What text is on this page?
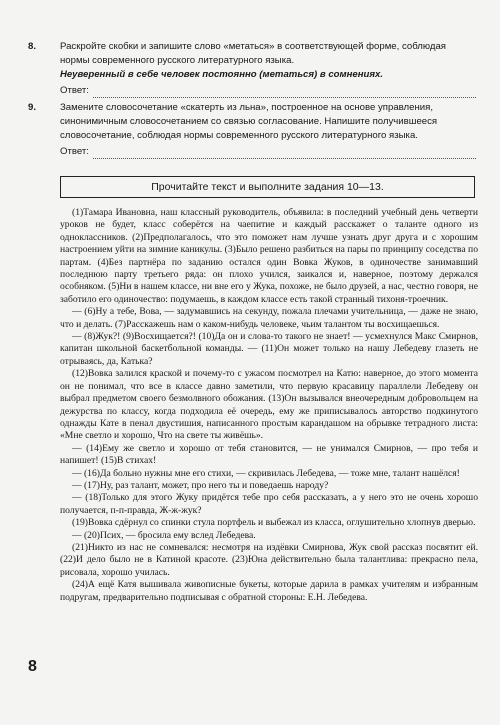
8. Раскройте скобки и запишите слово «метаться» в соответствующей форме, соблюдая нормы современного русского литературного языка.
Неуверенный в себе человек постоянно (метаться) в сомнениях.
Ответ:
9. Замените словосочетание «скатерть из льна», построенное на основе управления, синонимичным словосочетанием со связью согласование. Напишите получившееся словосочетание, соблюдая нормы современного русского литературного языка.
Ответ:
Прочитайте текст и выполните задания 10—13.

(1)Тамара Ивановна, наш классный руководитель, объявила: в последний учебный день четверти уроков не будет, класс соберётся на чаепитие и каждый расскажет о таланте одного из одноклассников. (2)Предполагалось, что это поможет нам лучше узнать друг друга и с хорошим настроением уйти на зимние каникулы. (3)Было решено разбиться на пары по принципу соседства по партам. (4)Без партнёра по заданию остался один Вовка Жуков, в одиночестве занимавший последнюю парту третьего ряда: он плохо учился, заикался и, наверное, поэтому держался особняком. (5)Ни в нашем классе, ни вне его у Жука, похоже, не было друзей, а нас, честно говоря, не заботило его одиночество: подумаешь, в каждом классе есть такой странный тихоня-троечник.

— (6)Ну а тебе, Вова, — задумавшись на секунду, пожала плечами учительница, — даже не знаю, что и делать. (7)Расскажешь нам о каком-нибудь человеке, чьим талантом ты восхищаешься.

— (8)Жук?! (9)Восхищается?! (10)Да он и слова-то такого не знает! — усмехнулся Макс Смирнов, капитан школьной баскетбольной команды. — (11)Он может только на нашу Лебедеву глазеть не отрываясь, да, Катька?

(12)Вовка залился краской и почему-то с ужасом посмотрел на Катю: наверное, до этого момента он не понимал, что все в классе давно заметили, что первую красавицу параллели Лебедеву он выбрал предметом своего безмолвного обожания. (13)Он вызывался внеочередным добровольцем на дежурства по классу, когда подходила её очередь, ему же приписывалось авторство подкинутого однажды Кате в пенал двустишия, написанного простым карандашом на обрывке тетрадного листа: «Мне светло и хорошо, Что на свете ты живёшь».

— (14)Ему же светло и хорошо от тебя становится, — не унимался Смирнов, — про тебя и напишет! (15)В стихах!

— (16)Да больно нужны мне его стихи, — скривилась Лебедева, — тоже мне, талант нашёлся!

— (17)Ну, раз талант, может, про него ты и поведаешь народу?

— (18)Только для этого Жуку придётся тебе про себя рассказать, а у него это не очень хорошо получается, п-п-правда, Ж-ж-жук?

(19)Вовка сдёрнул со спинки стула портфель и выбежал из класса, оглушительно хлопнув дверью.

— (20)Псих, — бросила ему вслед Лебедева.

(21)Никто из нас не сомневался: несмотря на издёвки Смирнова, Жук свой рассказ посвятит ей. (22)И дело было не в Катиной красоте. (23)Юна действительно была талантлива: прекрасно пела, рисовала, хорошо училась.

(24)А ещё Катя вышивала живописные букеты, которые дарила в рамках учителям и избранным подругам, предварительно подписывая с обратной стороны: Е.Н. Лебедева.

8
